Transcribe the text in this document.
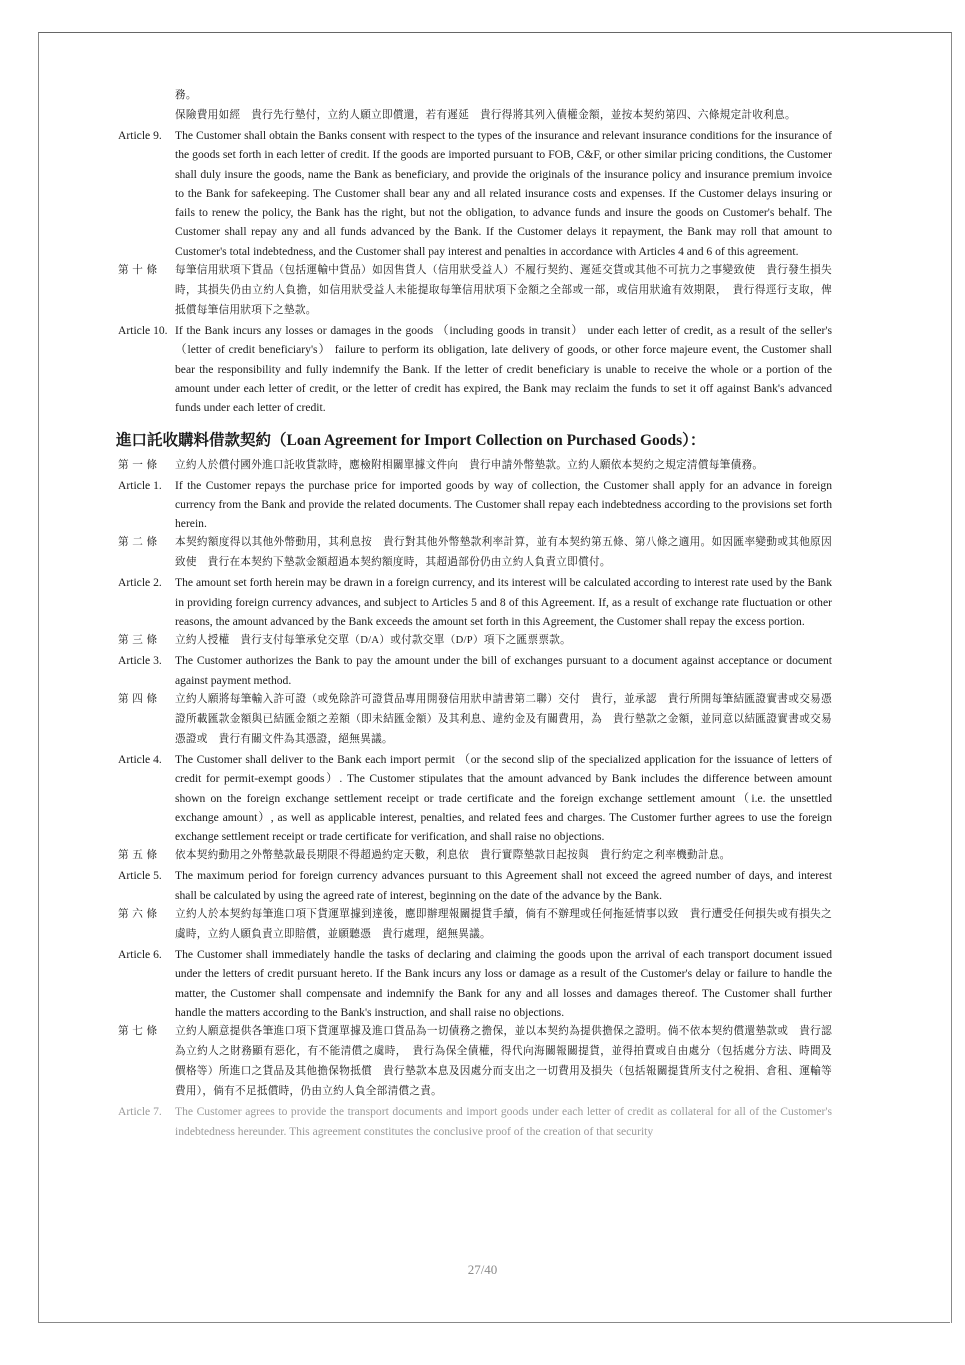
務。
保險費用如經　貴行先行墊付，立約人願立即償還，若有遲延　貴行得將其列入債權金額，並按本契約第四、六條規定計收利息。
Article 9.	The Customer shall obtain the Banks consent with respect to the types of the insurance and relevant insurance conditions for the insurance of the goods set forth in each letter of credit. If the goods are imported pursuant to FOB, C&F, or other similar pricing conditions, the Customer shall duly insure the goods, name the Bank as beneficiary, and provide the originals of the insurance policy and insurance premium invoice to the Bank for safekeeping. The Customer shall bear any and all related insurance costs and expenses. If the Customer delays insuring or fails to renew the policy, the Bank has the right, but not the obligation, to advance funds and insure the goods on Customer's behalf. The Customer shall repay any and all funds advanced by the Bank. If the Customer delays it repayment, the Bank may roll that amount to Customer's total indebtedness, and the Customer shall pay interest and penalties in accordance with Articles 4 and 6 of this agreement.
第 十 條	每筆信用狀項下貨品（包括運輸中貨品）如因售貨人（信用狀受益人）不履行契約、遲延交貨或其他不可抗力之事變致使　貴行發生損失時，其損失仍由立約人負擔，如信用狀受益人未能提取每筆信用狀項下金額之全部或一部，或信用狀逾有效期限，　貴行得逕行支取，俾抵償每筆信用狀項下之墊款。
Article 10. If the Bank incurs any losses or damages in the goods （including goods in transit） under each letter of credit, as a result of the seller's （letter of credit beneficiary's） failure to perform its obligation, late delivery of goods, or other force majeure event, the Customer shall bear the responsibility and fully indemnify the Bank. If the letter of credit beneficiary is unable to receive the whole or a portion of the amount under each letter of credit, or the letter of credit has expired, the Bank may reclaim the funds to set it off against Bank's advanced funds under each letter of credit.
進口託收購料借款契約（Loan Agreement for Import Collection on Purchased Goods）：
第 一 條	立約人於償付國外進口託收貨款時，應檢附相關單據文件向　貴行申請外幣墊款。立約人願依本契約之規定清償每筆債務。
Article 1.	If the Customer repays the purchase price for imported goods by way of collection, the Customer shall apply for an advance in foreign currency from the Bank and provide the related documents. The Customer shall repay each indebtedness according to the provisions set forth herein.
第 二 條	本契約額度得以其他外幣動用，其利息按　貴行對其他外幣墊款利率計算，並有本契約第五條、第八條之適用。如因匯率變動或其他原因致使　貴行在本契約下墊款金額超過本契約額度時，其超過部份仍由立約人負責立即償付。
Article 2.	The amount set forth herein may be drawn in a foreign currency, and its interest will be calculated according to interest rate used by the Bank in providing foreign currency advances, and subject to Articles 5 and 8 of this Agreement. If, as a result of exchange rate fluctuation or other reasons, the amount advanced by the Bank exceeds the amount set forth in this Agreement, the Customer shall repay the excess portion.
第 三 條	立約人授權　貴行支付每筆承兌交單（D/A）或付款交單（D/P）項下之匯票票款。
Article 3.	The Customer authorizes the Bank to pay the amount under the bill of exchanges pursuant to a document against acceptance or document against payment method.
第 四 條	立約人願將每筆輸入許可證（或免除許可證貨品專用開發信用狀申請書第二聯）交付　貴行，並承認　貴行所開每筆結匯證實書或交易憑證所載匯款金額與已結匯金額之差額（即未結匯金額）及其利息、違約金及有關費用，為　貴行墊款之金額，並同意以結匯證實書或交易憑證或　貴行有關文件為其憑證，絕無異議。
Article 4.	The Customer shall deliver to the Bank each import permit （or the second slip of the specialized application for the issuance of letters of credit for permit-exempt goods）. The Customer stipulates that the amount advanced by Bank includes the difference between amount shown on the foreign exchange settlement receipt or trade certificate and the foreign exchange settlement amount（i.e. the unsettled exchange amount）, as well as applicable interest, penalties, and related fees and charges. The Customer further agrees to use the foreign exchange settlement receipt or trade certificate for verification, and shall raise no objections.
第 五 條	依本契約動用之外幣墊款最長期限不得超過約定天數，利息依　貴行實際墊款日起按與　貴行約定之利率機動計息。
Article 5.	The maximum period for foreign currency advances pursuant to this Agreement shall not exceed the agreed number of days, and interest shall be calculated by using the agreed rate of interest, beginning on the date of the advance by the Bank.
第 六 條	立約人於本契約每筆進口項下貨運單據到達後，應即辦理報關提貨手續，倘有不辦理或任何拖延情事以致　貴行遭受任何損失或有損失之虞時，立約人願負責立即賠償，並願聽憑　貴行處理，絕無異議。
Article 6.	The Customer shall immediately handle the tasks of declaring and claiming the goods upon the arrival of each transport document issued under the letters of credit pursuant hereto. If the Bank incurs any loss or damage as a result of the Customer's delay or failure to handle the matter, the Customer shall compensate and indemnify the Bank for any and all losses and damages thereof. The Customer shall further handle the matters according to the Bank's instruction, and shall raise no objections.
第 七 條	立約人願意提供各筆進口項下貨運單據及進口貨品為一切債務之擔保，並以本契約為提供擔保之證明。倘不依本契約償還墊款或　貴行認為立約人之財務顯有惡化，有不能清償之虞時，　貴行為保全債權，得代向海關報關提貨，並得拍賣或自由處分（包括處分方法、時間及價格等）所進口之貨品及其他擔保物抵償　貴行墊款本息及因處分而支出之一切費用及損失（包括報關提貨所支付之稅捐、倉租、運輸等費用），倘有不足抵償時，仍由立約人負全部清償之責。
Article 7.	The Customer agrees to provide the transport documents and import goods under each letter of credit as collateral for all of the Customer's indebtedness hereunder. This agreement constitutes the conclusive proof of the creation of that security
27/40
